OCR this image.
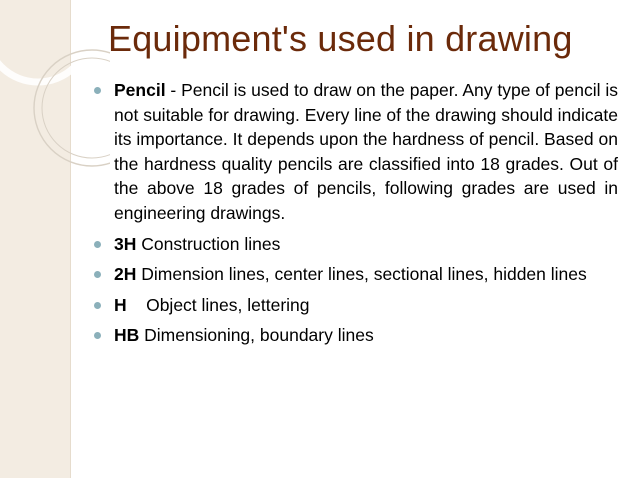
Equipment's used in drawing
Pencil - Pencil is used to draw on the paper. Any type of pencil is not suitable for drawing. Every line of the drawing should indicate its importance. It depends upon the hardness of pencil. Based on the hardness quality pencils are classified into 18 grades. Out of the above 18 grades of pencils, following grades are used in engineering drawings.
3H Construction lines
2H Dimension lines, center lines, sectional lines, hidden lines
H    Object lines, lettering
HB Dimensioning, boundary lines
